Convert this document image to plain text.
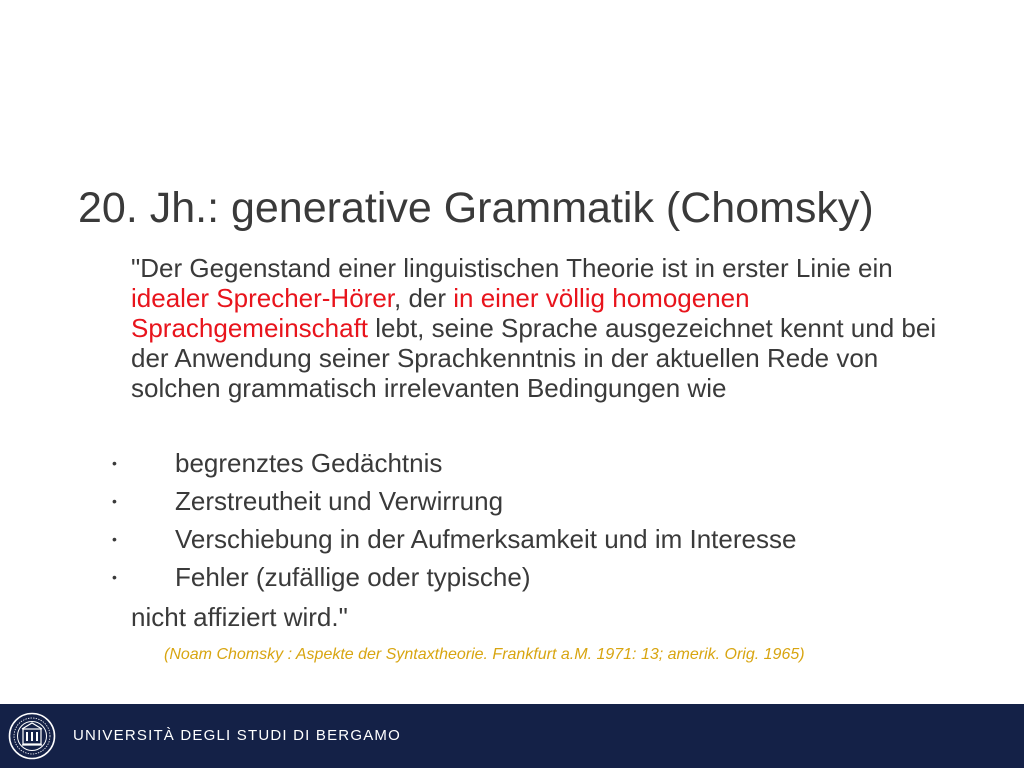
20. Jh.: generative Grammatik (Chomsky)

"Der Gegenstand einer linguistischen Theorie ist in erster Linie ein idealer Sprecher-Hörer, der in einer völlig homogenen Sprachgemeinschaft lebt, seine Sprache ausgezeichnet kennt und bei der Anwendung seiner Sprachkenntnis in der aktuellen Rede von solchen grammatisch irrelevanten Bedingungen wie

• begrenztes Gedächtnis
• Zerstreutheit und Verwirrung
• Verschiebung in der Aufmerksamkeit und im Interesse
• Fehler (zufällige oder typische)

nicht affiziert wird."

(Noam Chomsky : Aspekte der Syntaxtheorie. Frankfurt a.M. 1971: 13; amerik. Orig. 1965)

UNIVERSITÀ DEGLI STUDI DI BERGAMO
